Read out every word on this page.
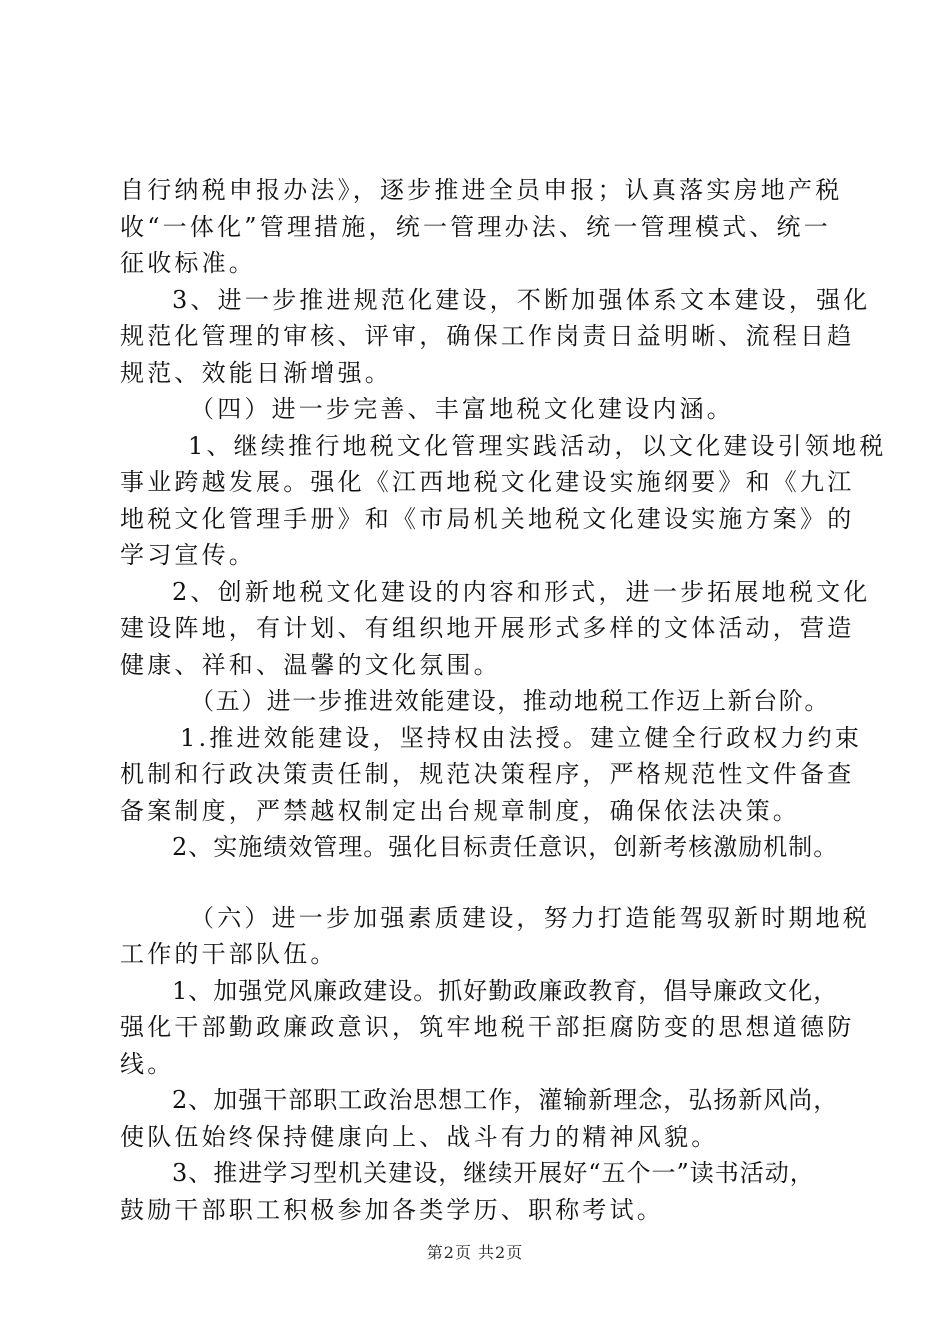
自行纳税申报办法》，逐步推进全员申报；认真落实房地产税
收“一体化”管理措施，统一管理办法、统一管理模式、统一
征收标准。
3、进一步推进规范化建设，不断加强体系文本建设，强化
规范化管理的审核、评审，确保工作岗责日益明晰、流程日趋
规范、效能日渐增强。
（四）进一步完善、丰富地税文化建设内涵。
1、继续推行地税文化管理实践活动，以文化建设引领地税
事业跨越发展。强化《江西地税文化建设实施纲要》和《九江
地税文化管理手册》和《市局机关地税文化建设实施方案》的
学习宣传。
2、创新地税文化建设的内容和形式，进一步拓展地税文化
建设阵地，有计划、有组织地开展形式多样的文体活动，营造
健康、祥和、温馨的文化氛围。
（五）进一步推进效能建设，推动地税工作迈上新台阶。
1.推进效能建设，坚持权由法授。建立健全行政权力约束
机制和行政决策责任制，规范决策程序，严格规范性文件备查
备案制度，严禁越权制定出台规章制度，确保依法决策。
2、实施绩效管理。强化目标责任意识，创新考核激励机制。
（六）进一步加强素质建设，努力打造能驾驭新时期地税
工作的干部队伍。
1、加强党风廉政建设。抓好勤政廉政教育，倡导廉政文化，
强化干部勤政廉政意识，筑牢地税干部拒腐防变的思想道德防
线。
2、加强干部职工政治思想工作，灌输新理念，弘扬新风尚，
使队伍始终保持健康向上、战斗有力的精神风貌。
3、推进学习型机关建设，继续开展好“五个一”读书活动，
鼓励干部职工积极参加各类学历、职称考试。
第2页 共2页
